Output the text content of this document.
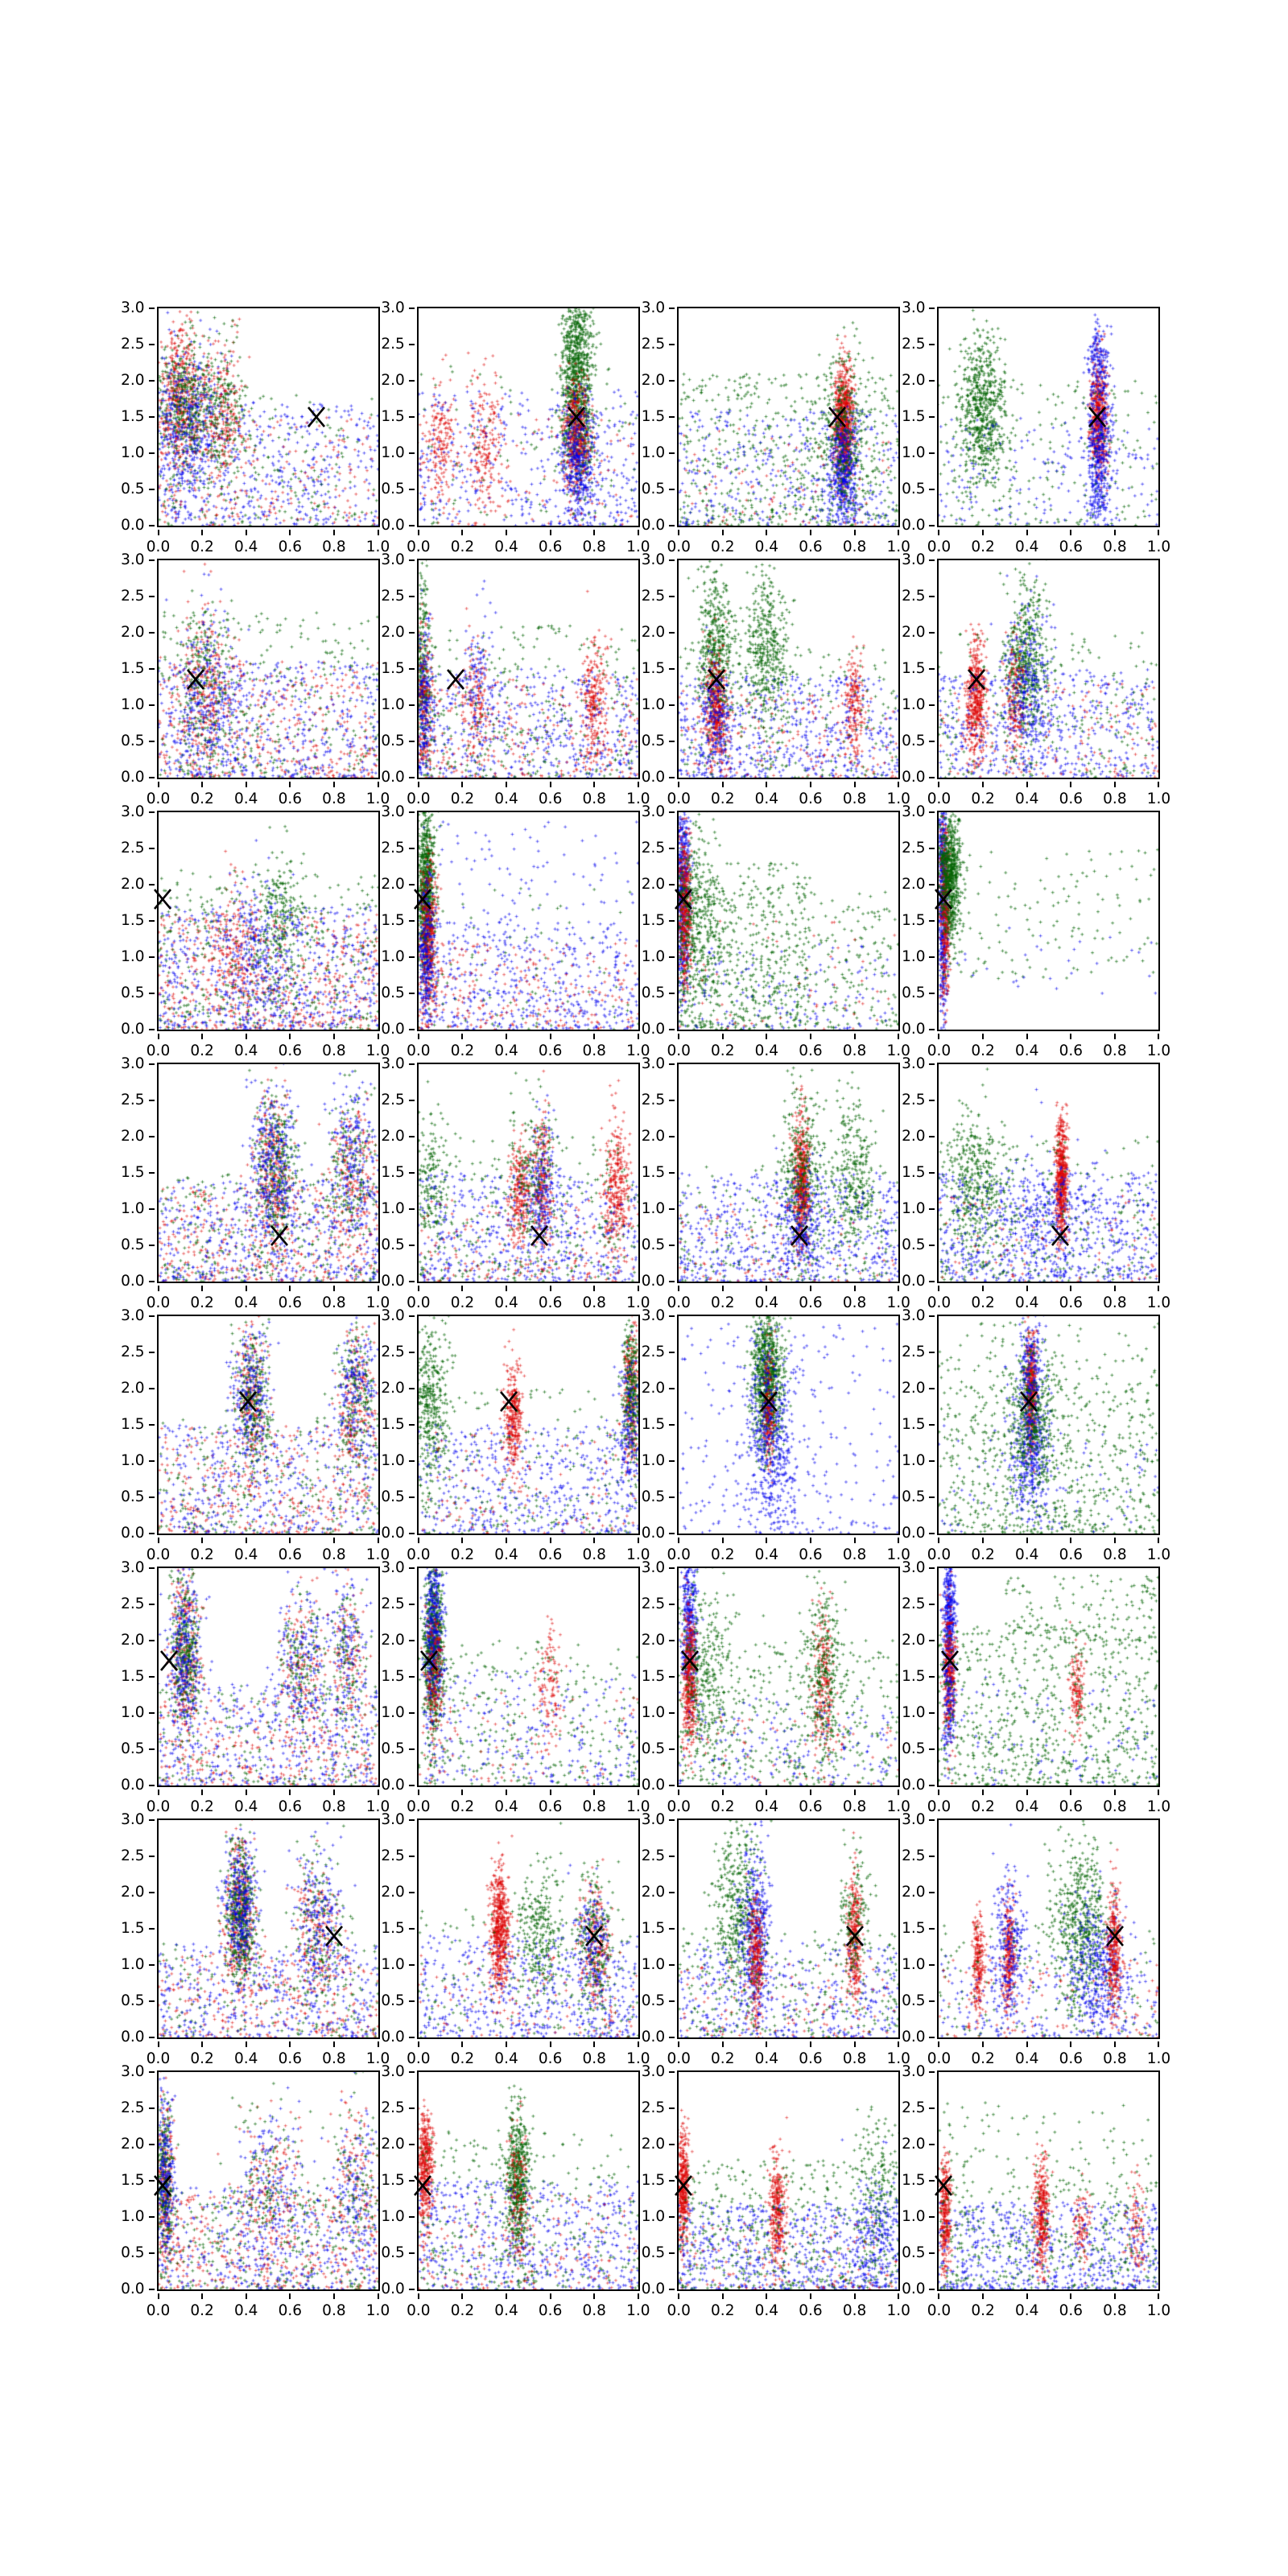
0.0 0.2 0.4 0.6 0.8 1.0
0.0
0.5
1.0
1.5
2.0
2.5
3.0
0.0 0.2 0.4 0.6 0.8 1.0
0.0
0.5
1.0
1.5
2.0
2.5
3.0
0.0 0.2 0.4 0.6 0.8 1.0
0.0
0.5
1.0
1.5
2.0
2.5
3.0
0.0 0.2 0.4 0.6 0.8 1.0
0.0
0.5
1.0
1.5
2.0
2.5
3.0
0.0 0.2 0.4 0.6 0.8 1.0
0.0
0.5
1.0
1.5
2.0
2.5
3.0
0.0 0.2 0.4 0.6 0.8 1.0
0.0
0.5
1.0
1.5
2.0
2.5
3.0
0.0 0.2 0.4 0.6 0.8 1.0
0.0
0.5
1.0
1.5
2.0
2.5
3.0
0.0 0.2 0.4 0.6 0.8 1.0
0.0
0.5
1.0
1.5
2.0
2.5
3.0
0.0 0.2 0.4 0.6 0.8 1.0
0.0
0.5
1.0
1.5
2.0
2.5
3.0
0.0 0.2 0.4 0.6 0.8 1.0
0.0
0.5
1.0
1.5
2.0
2.5
3.0
0.0 0.2 0.4 0.6 0.8 1.0
0.0
0.5
1.0
1.5
2.0
2.5
3.0
0.0 0.2 0.4 0.6 0.8 1.0
0.0
0.5
1.0
1.5
2.0
2.5
3.0
0.0 0.2 0.4 0.6 0.8 1.0
0.0
0.5
1.0
1.5
2.0
2.5
3.0
0.0 0.2 0.4 0.6 0.8 1.0
0.0
0.5
1.0
1.5
2.0
2.5
3.0
0.0 0.2 0.4 0.6 0.8 1.0
0.0
0.5
1.0
1.5
2.0
2.5
3.0
0.0 0.2 0.4 0.6 0.8 1.0
0.0
0.5
1.0
1.5
2.0
2.5
3.0
0.0 0.2 0.4 0.6 0.8 1.0
0.0
0.5
1.0
1.5
2.0
2.5
3.0
0.0 0.2 0.4 0.6 0.8 1.0
0.0
0.5
1.0
1.5
2.0
2.5
3.0
0.0 0.2 0.4 0.6 0.8 1.0
0.0
0.5
1.0
1.5
2.0
2.5
3.0
0.0 0.2 0.4 0.6 0.8 1.0
0.0
0.5
1.0
1.5
2.0
2.5
3.0
0.0 0.2 0.4 0.6 0.8 1.0
0.0
0.5
1.0
1.5
2.0
2.5
3.0
0.0 0.2 0.4 0.6 0.8 1.0
0.0
0.5
1.0
1.5
2.0
2.5
3.0
0.0 0.2 0.4 0.6 0.8 1.0
0.0
0.5
1.0
1.5
2.0
2.5
3.0
0.0 0.2 0.4 0.6 0.8 1.0
0.0
0.5
1.0
1.5
2.0
2.5
3.0
0.0 0.2 0.4 0.6 0.8 1.0
0.0
0.5
1.0
1.5
2.0
2.5
3.0
0.0 0.2 0.4 0.6 0.8 1.0
0.0
0.5
1.0
1.5
2.0
2.5
3.0
0.0 0.2 0.4 0.6 0.8 1.0
0.0
0.5
1.0
1.5
2.0
2.5
3.0
0.0 0.2 0.4 0.6 0.8 1.0
0.0
0.5
1.0
1.5
2.0
2.5
3.0
0.0 0.2 0.4 0.6 0.8 1.0
0.0
0.5
1.0
1.5
2.0
2.5
3.0
0.0 0.2 0.4 0.6 0.8 1.0
0.0
0.5
1.0
1.5
2.0
2.5
3.0
0.0 0.2 0.4 0.6 0.8 1.0
0.0
0.5
1.0
1.5
2.0
2.5
3.0
0.0 0.2 0.4 0.6 0.8 1.0
0.0
0.5
1.0
1.5
2.0
2.5
3.0
